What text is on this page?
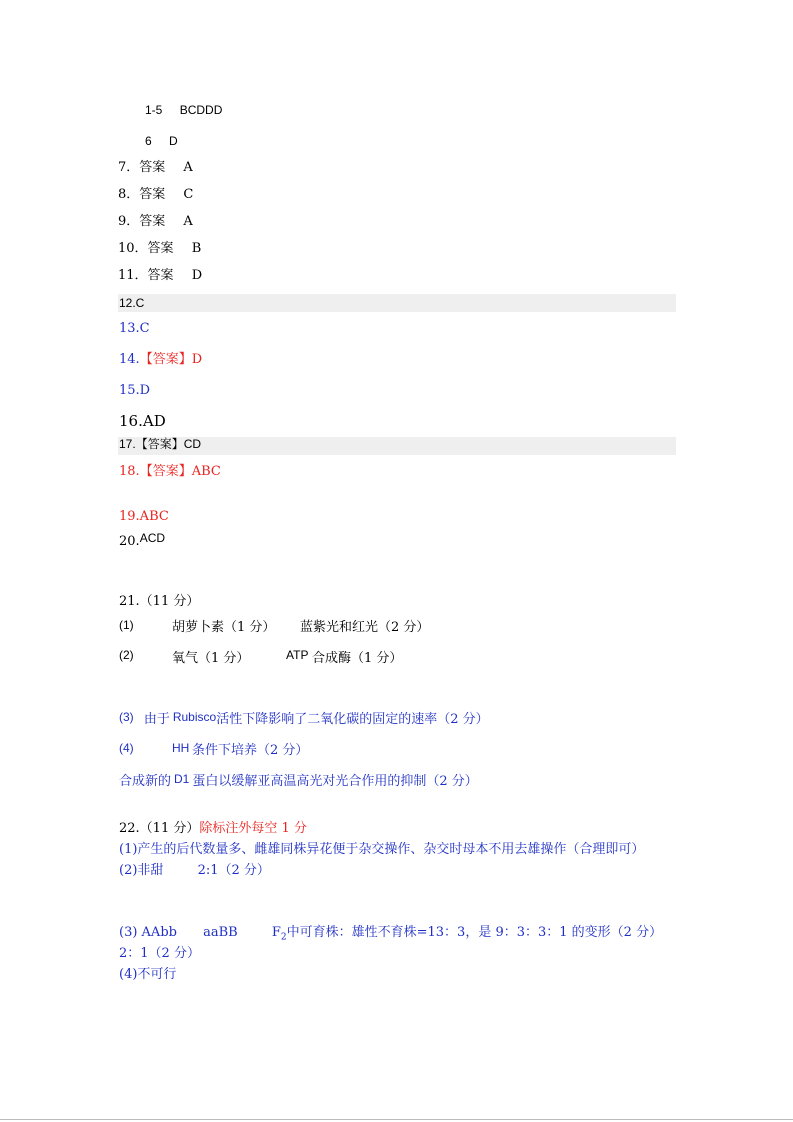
1-5 BCDDD
6 D
7．答案 A
8．答案 C
9．答案 A
10．答案 B
11．答案 D
12.C
13.C
14.【答案】D
15.D
16.AD
17.【答案】CD
18.【答案】ABC
19.ABC
20.ACD
21.（11 分）
(1)	胡萝卜素（1 分） 蓝紫光和红光（2 分）
(2)	氧气（1 分）	ATP 合成酶（1 分）
(3) 由于 Rubisco活性下降影响了二氧化碳的固定的速率（2 分）
(4)	HH 条件下培养（2 分）
合成新的 D1 蛋白以缓解亚高温高光对光合作用的抑制（2 分）
22.（11 分）除标注外每空 1 分
(1)产生的后代数量多、雌雄同株异花便于杂交操作、杂交时母本不用去雄操作（合理即可）
(2)非甜	2:1（2 分）
(3) AAbb aaBB	$F_2$中可育株：雄性不育株=13：3，是 9：3：3：1 的变形（2 分）
2：1（2 分）
(4)不可行
